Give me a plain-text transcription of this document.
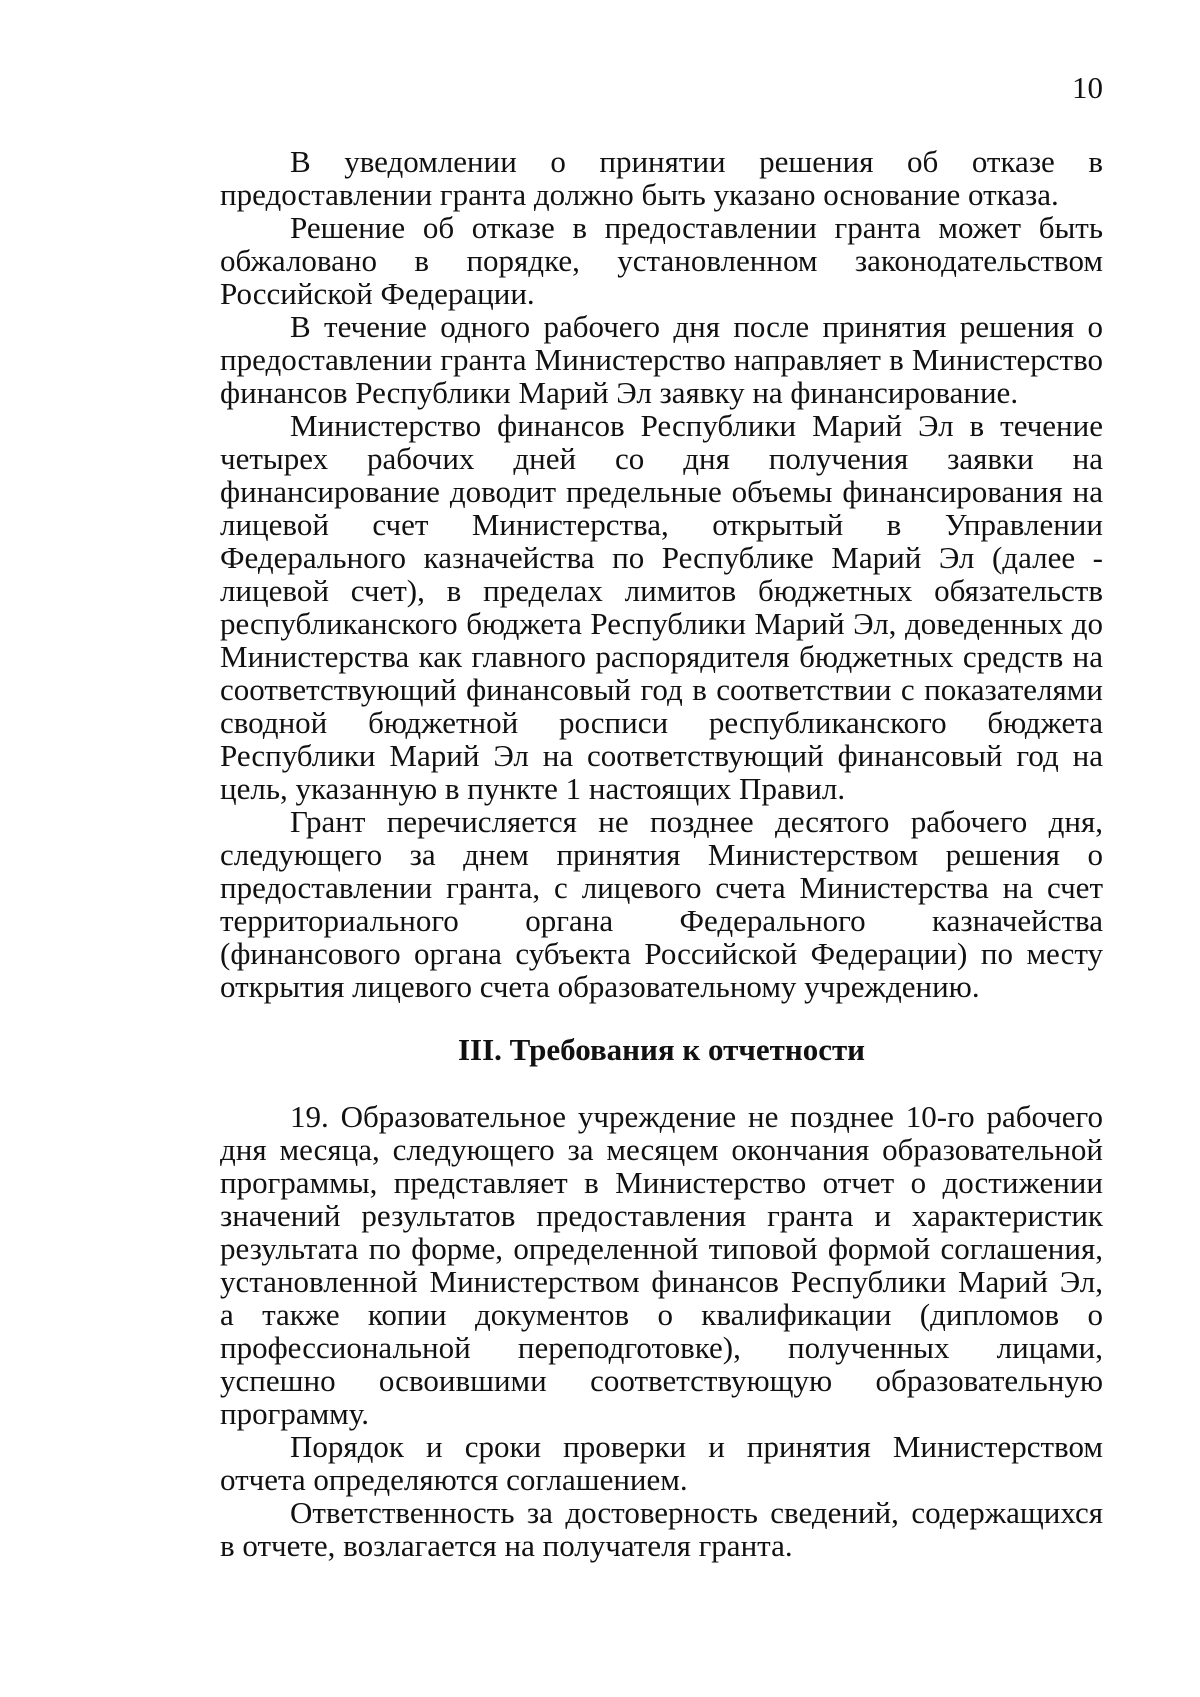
10

В уведомлении о принятии решения об отказе в предоставлении гранта должно быть указано основание отказа.

Решение об отказе в предоставлении гранта может быть обжаловано в порядке, установленном законодательством Российской Федерации.

В течение одного рабочего дня после принятия решения о предоставлении гранта Министерство направляет в Министерство финансов Республики Марий Эл заявку на финансирование.

Министерство финансов Республики Марий Эл в течение четырех рабочих дней со дня получения заявки на финансирование доводит предельные объемы финансирования на лицевой счет Министерства, открытый в Управлении Федерального казначейства по Республике Марий Эл (далее - лицевой счет), в пределах лимитов бюджетных обязательств республиканского бюджета Республики Марий Эл, доведенных до Министерства как главного распорядителя бюджетных средств на соответствующий финансовый год в соответствии с показателями сводной бюджетной росписи республиканского бюджета Республики Марий Эл на соответствующий финансовый год на цель, указанную в пункте 1 настоящих Правил.

Грант перечисляется не позднее десятого рабочего дня, следующего за днем принятия Министерством решения о предоставлении гранта, с лицевого счета Министерства на счет территориального органа Федерального казначейства (финансового органа субъекта Российской Федерации) по месту открытия лицевого счета образовательному учреждению.

III. Требования к отчетности

19. Образовательное учреждение не позднее 10-го рабочего дня месяца, следующего за месяцем окончания образовательной программы, представляет в Министерство отчет о достижении значений результатов предоставления гранта и характеристик результата по форме, определенной типовой формой соглашения, установленной Министерством финансов Республики Марий Эл, а также копии документов о квалификации (дипломов о профессиональной переподготовке), полученных лицами, успешно освоившими соответствующую образовательную программу.

Порядок и сроки проверки и принятия Министерством отчета определяются соглашением.

Ответственность за достоверность сведений, содержащихся в отчете, возлагается на получателя гранта.
